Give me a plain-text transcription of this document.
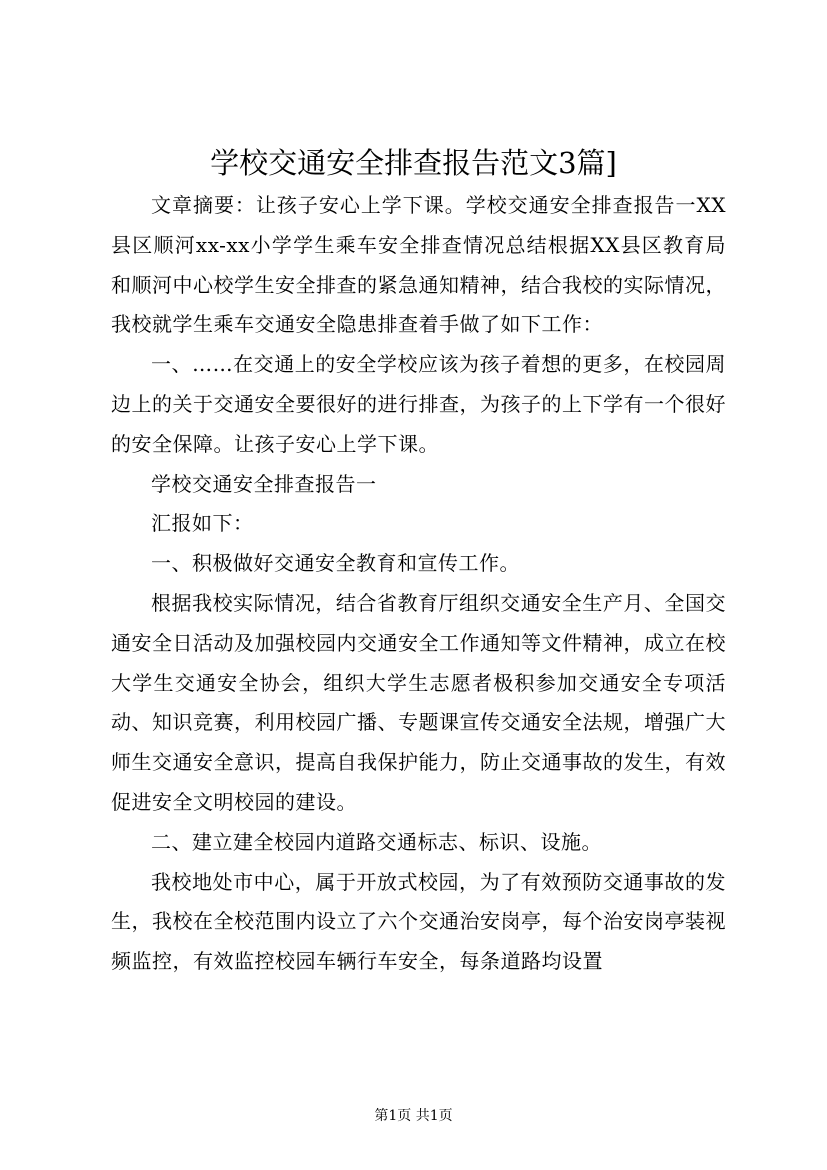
学校交通安全排查报告范文3篇]

文章摘要：让孩子安心上学下课。学校交通安全排查报告一XX县区顺河xx-xx小学学生乘车安全排查情况总结根据XX县区教育局和顺河中心校学生安全排查的紧急通知精神，结合我校的实际情况，我校就学生乘车交通安全隐患排查着手做了如下工作：

一、……在交通上的安全学校应该为孩子着想的更多，在校园周边上的关于交通安全要很好的进行排查，为孩子的上下学有一个很好的安全保障。让孩子安心上学下课。

学校交通安全排查报告一

汇报如下：

一、积极做好交通安全教育和宣传工作。

根据我校实际情况，结合省教育厅组织交通安全生产月、全国交通安全日活动及加强校园内交通安全工作通知等文件精神，成立在校大学生交通安全协会，组织大学生志愿者极积参加交通安全专项活动、知识竞赛，利用校园广播、专题课宣传交通安全法规，增强广大师生交通安全意识，提高自我保护能力，防止交通事故的发生，有效促进安全文明校园的建设。

二、建立建全校园内道路交通标志、标识、设施。

我校地处市中心，属于开放式校园，为了有效预防交通事故的发生，我校在全校范围内设立了六个交通治安岗亭，每个治安岗亭装视频监控，有效监控校园车辆行车安全，每条道路均设置

第1页 共1页
